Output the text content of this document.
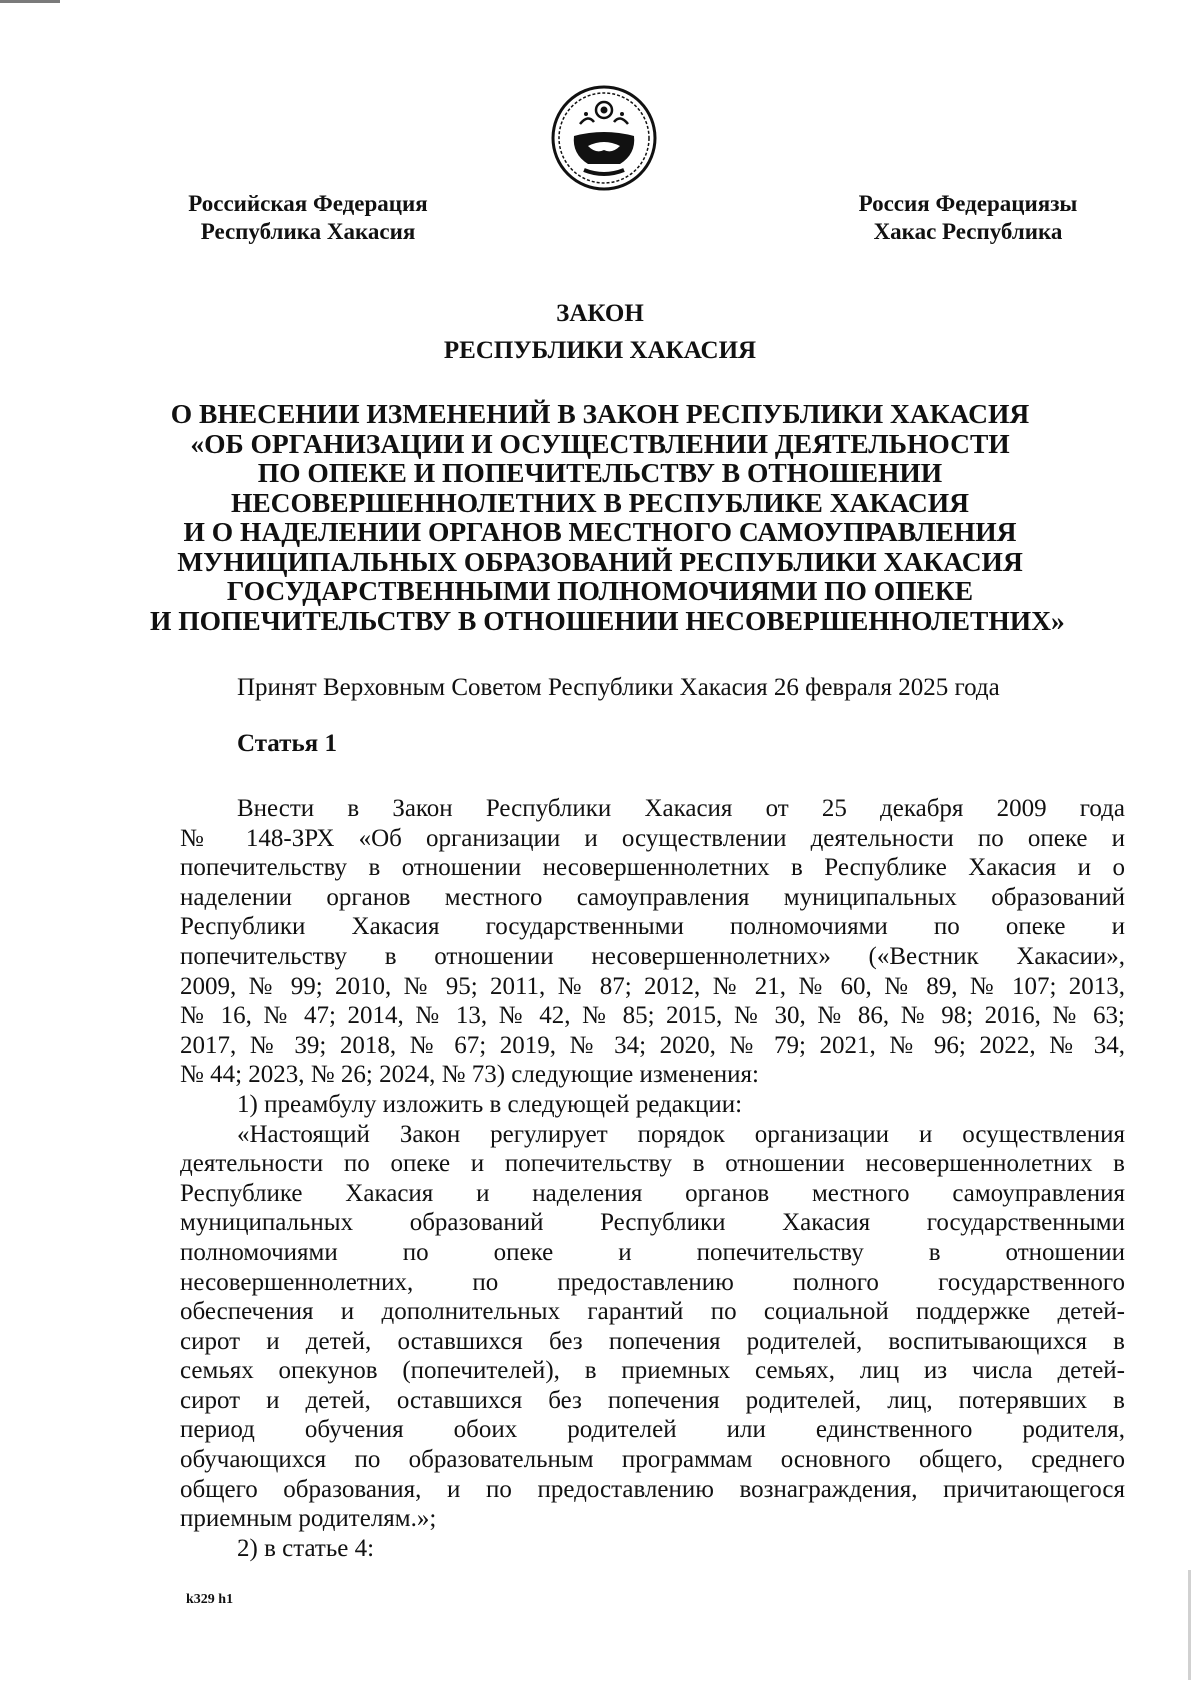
Российская Федерация
Республика Хакасия
Россия Федерациязы
Хакас Республика
ЗАКОН
РЕСПУБЛИКИ ХАКАСИЯ
О ВНЕСЕНИИ ИЗМЕНЕНИЙ В ЗАКОН РЕСПУБЛИКИ ХАКАСИЯ
«ОБ ОРГАНИЗАЦИИ И ОСУЩЕСТВЛЕНИИ ДЕЯТЕЛЬНОСТИ
ПО ОПЕКЕ И ПОПЕЧИТЕЛЬСТВУ В ОТНОШЕНИИ
НЕСОВЕРШЕННОЛЕТНИХ В РЕСПУБЛИКЕ ХАКАСИЯ
И О НАДЕЛЕНИИ ОРГАНОВ МЕСТНОГО САМОУПРАВЛЕНИЯ
МУНИЦИПАЛЬНЫХ ОБРАЗОВАНИЙ РЕСПУБЛИКИ ХАКАСИЯ
ГОСУДАРСТВЕННЫМИ ПОЛНОМОЧИЯМИ ПО ОПЕКЕ
И ПОПЕЧИТЕЛЬСТВУ В ОТНОШЕНИИ НЕСОВЕРШЕННОЛЕТНИХ»
Принят Верховным Советом Республики Хакасия 26 февраля 2025 года
Статья 1
Внести в Закон Республики Хакасия от 25 декабря 2009 года
№ 148-ЗРХ «Об организации и осуществлении деятельности по опеке и
попечительству в отношении несовершеннолетних в Республике Хакасия и о
наделении органов местного самоуправления муниципальных образований
Республики Хакасия государственными полномочиями по опеке и
попечительству в отношении несовершеннолетних» («Вестник Хакасии»,
2009, № 99; 2010, № 95; 2011, № 87; 2012, № 21, № 60, № 89, № 107; 2013,
№ 16, № 47; 2014, № 13, № 42, № 85; 2015, № 30, № 86, № 98; 2016, № 63;
2017, № 39; 2018, № 67; 2019, № 34; 2020, № 79; 2021, № 96; 2022, № 34,
№ 44; 2023, № 26; 2024, № 73) следующие изменения:
1) преамбулу изложить в следующей редакции:
«Настоящий Закон регулирует порядок организации и осуществления
деятельности по опеке и попечительству в отношении несовершеннолетних в
Республике Хакасия и наделения органов местного самоуправления
муниципальных образований Республики Хакасия государственными
полномочиями по опеке и попечительству в отношении
несовершеннолетних, по предоставлению полного государственного
обеспечения и дополнительных гарантий по социальной поддержке детей-
сирот и детей, оставшихся без попечения родителей, воспитывающихся в
семьях опекунов (попечителей), в приемных семьях, лиц из числа детей-
сирот и детей, оставшихся без попечения родителей, лиц, потерявших в
период обучения обоих родителей или единственного родителя,
обучающихся по образовательным программам основного общего, среднего
общего образования, и по предоставлению вознаграждения, причитающегося
приемным родителям.»;
2) в статье 4:
k329 h1
